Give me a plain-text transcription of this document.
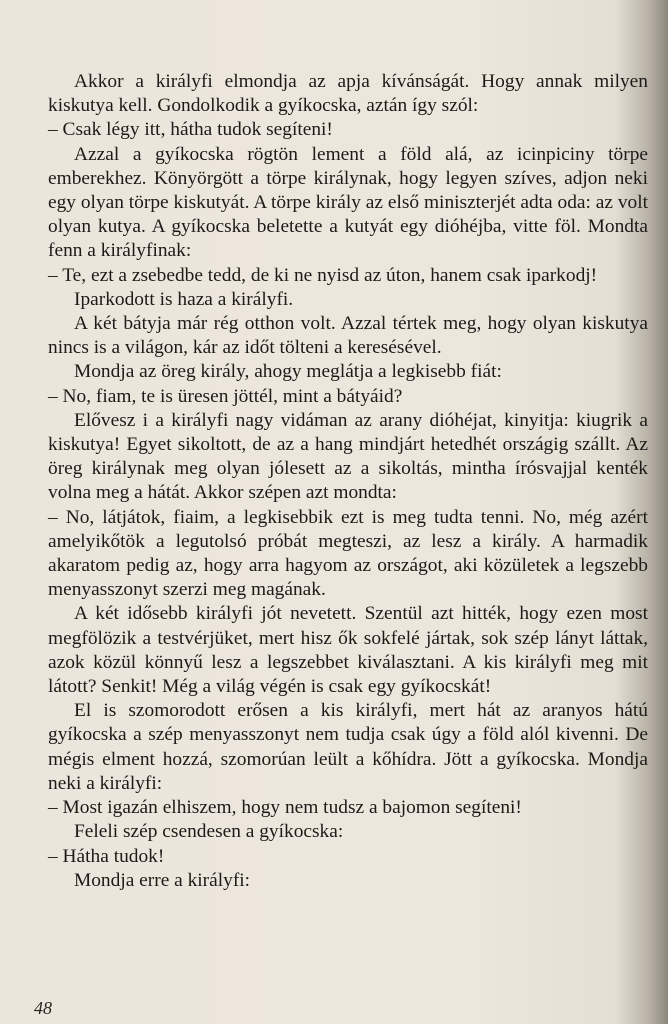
Akkor a királyfi elmondja az apja kívánságát. Hogy annak milyen kiskutya kell. Gondolkodik a gyíkocska, aztán így szól:

– Csak légy itt, hátha tudok segíteni!

Azzal a gyíkocska rögtön lement a föld alá, az icinpiciny törpe emberekhez. Könyörgött a törpe királynak, hogy legyen szíves, adjon neki egy olyan törpe kiskutyát. A törpe király az első miniszterjét adta oda: az volt olyan kutya. A gyíkocska beletette a kutyát egy dióhéjba, vitte föl. Mondta fenn a királyfinak:

– Te, ezt a zsebedbe tedd, de ki ne nyisd az úton, hanem csak iparkodj!

Iparkodott is haza a királyfi.

A két bátyja már rég otthon volt. Azzal tértek meg, hogy olyan kiskutya nincs is a világon, kár az időt tölteni a keresésével.

Mondja az öreg király, ahogy meglátja a legkisebb fiát:

– No, fiam, te is üresen jöttél, mint a bátyáid?

Elővesz i a királyfi nagy vidáman az arany dióhéjat, kinyitja: kiugrik a kiskutya! Egyet sikoltott, de az a hang mindjárt hetedhét országig szállt. Az öreg királynak meg olyan jólesett az a sikoltás, mintha írósvajjal kenték volna meg a hátát. Akkor szépen azt mondta:

– No, látjátok, fiaim, a legkisebbik ezt is meg tudta tenni. No, még azért amelyikőtök a legutolsó próbát megteszi, az lesz a király. A harmadik akaratom pedig az, hogy arra hagyom az országot, aki közületek a legszebb menyasszonyt szerzi meg magának.

A két idősebb királyfi jót nevetett. Szentül azt hitték, hogy ezen most megfölözik a testvérjüket, mert hisz ők sokfelé jártak, sok szép lányt láttak, azok közül könnyű lesz a legszebbet kiválasztani. A kis királyfi meg mit látott? Senkit! Még a világ végén is csak egy gyíkocskát!

El is szomorodott erősen a kis királyfi, mert hát az aranyos hátú gyíkocska a szép menyasszonyt nem tudja csak úgy a föld alól kivenni. De mégis elment hozzá, szomorúan leült a kőhídra. Jött a gyíkocska. Mondja neki a királyfi:

– Most igazán elhiszem, hogy nem tudsz a bajomon segíteni!

Feleli szép csendesen a gyíkocska:

– Hátha tudok!

Mondja erre a királyfi:

48
